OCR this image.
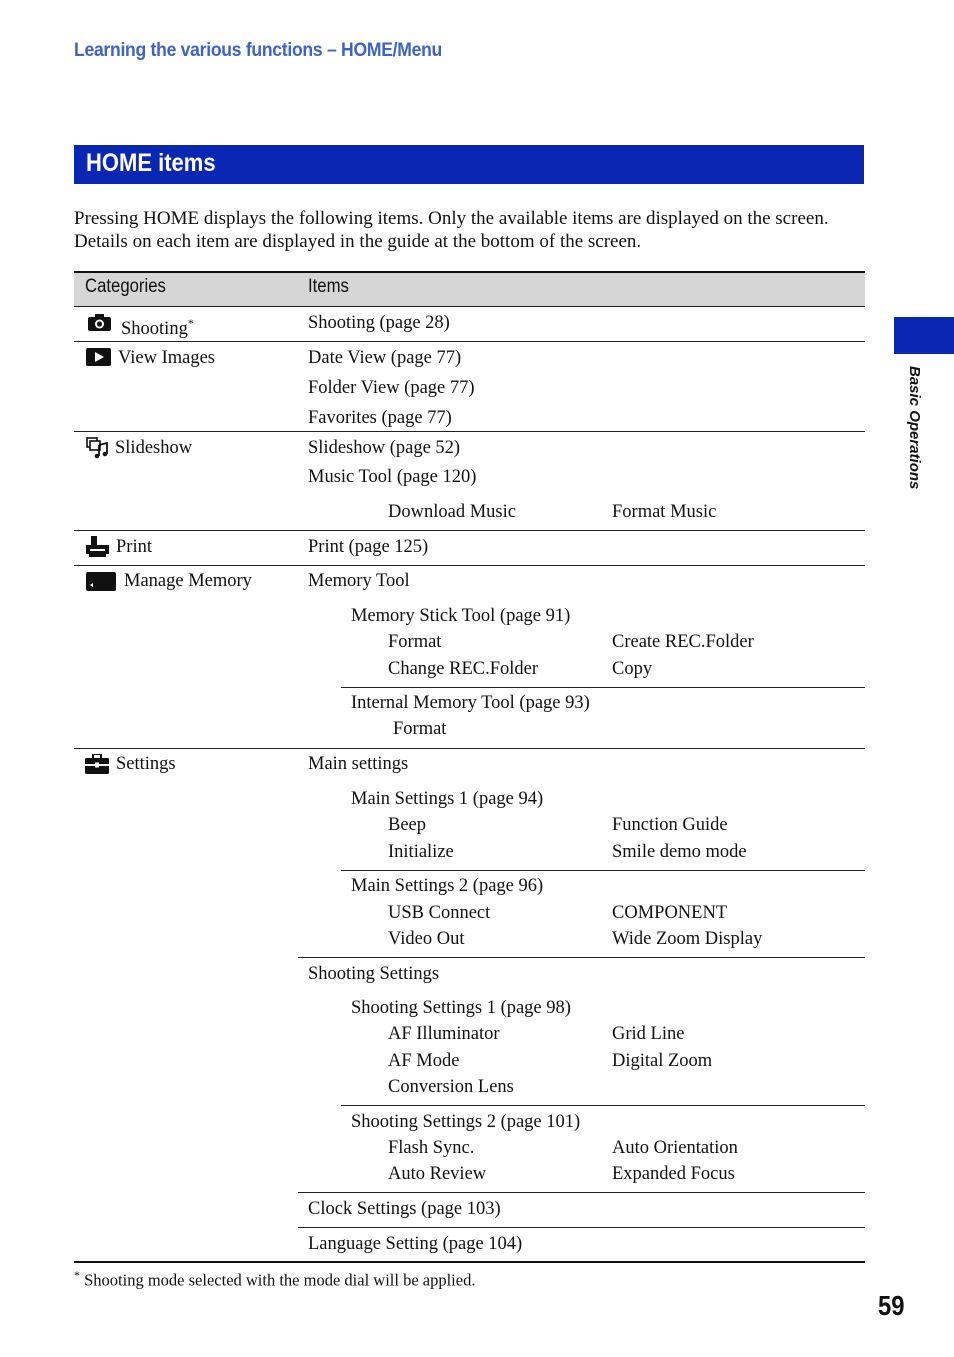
Learning the various functions – HOME/Menu
HOME items
Pressing HOME displays the following items. Only the available items are displayed on the screen. Details on each item are displayed in the guide at the bottom of the screen.
Categories	Items
Shooting*	Shooting (page 28)
View Images	Date View (page 77)
Folder View (page 77)
Favorites (page 77)
Slideshow	Slideshow (page 52)
Music Tool (page 120)
Download Music	Format Music
Print	Print (page 125)
Manage Memory	Memory Tool
Memory Stick Tool (page 91)
Format	Create REC.Folder
Change REC.Folder	Copy
Internal Memory Tool (page 93)
Format
Settings	Main settings
Main Settings 1 (page 94)
Beep	Function Guide
Initialize	Smile demo mode
Main Settings 2 (page 96)
USB Connect	COMPONENT
Video Out	Wide Zoom Display
Shooting Settings
Shooting Settings 1 (page 98)
AF Illuminator	Grid Line
AF Mode	Digital Zoom
Conversion Lens
Shooting Settings 2 (page 101)
Flash Sync.	Auto Orientation
Auto Review	Expanded Focus
Clock Settings (page 103)
Language Setting (page 104)
* Shooting mode selected with the mode dial will be applied.
Basic Operations
59
